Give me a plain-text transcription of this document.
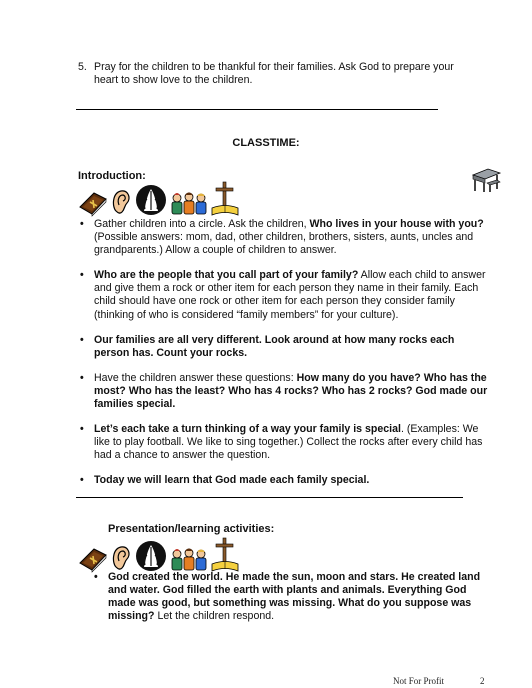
5. Pray for the children to be thankful for their families. Ask God to prepare your heart to show love to the children.
CLASSTIME:
Introduction:
• Gather children into a circle. Ask the children, Who lives in your house with you? (Possible answers: mom, dad, other children, brothers, sisters, aunts, uncles and grandparents.) Allow a couple of children to answer.
• Who are the people that you call part of your family? Allow each child to answer and give them a rock or other item for each person they name in their family. Each child should have one rock or other item for each person they consider family (thinking of who is considered “family members” for your culture).
• Our families are all very different. Look around at how many rocks each person has. Count your rocks.
• Have the children answer these questions: How many do you have? Who has the most? Who has the least? Who has 4 rocks? Who has 2 rocks? God made our families special.
• Let’s each take a turn thinking of a way your family is special. (Examples: We like to play football. We like to sing together.) Collect the rocks after every child has had a chance to answer the question.
• Today we will learn that God made each family special.
Presentation/learning activities:
• God created the world. He made the sun, moon and stars. He created land and water. God filled the earth with plants and animals. Everything God made was good, but something was missing. What do you suppose was missing? Let the children respond.
Not For Profit	2
